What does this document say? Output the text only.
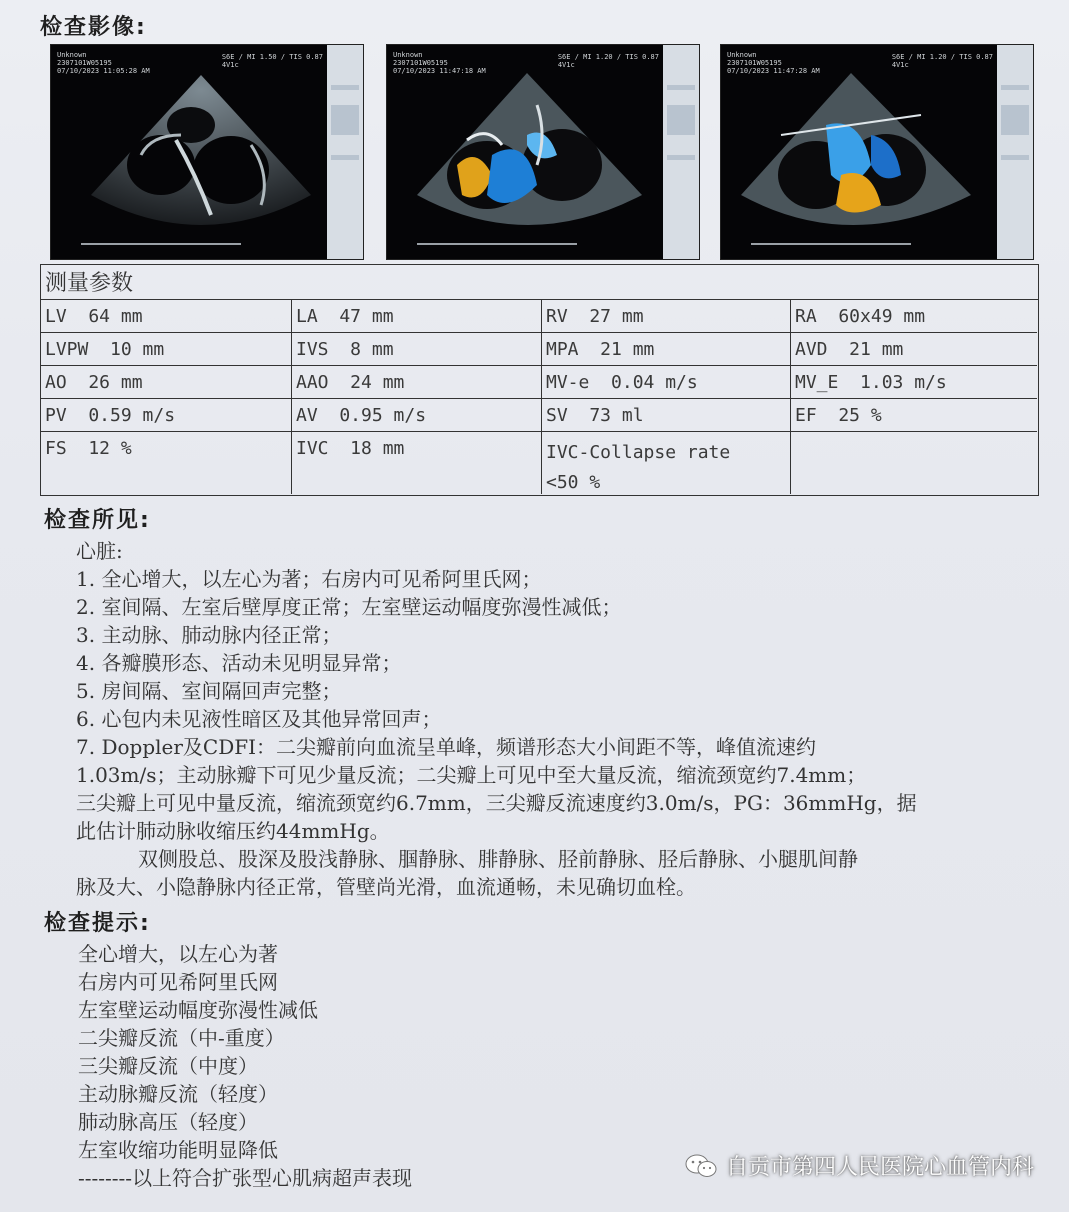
检查影像:
Unknown
2307101W05195
07/10/2023 11:05:28 AM
S6E / MI 1.50 / TIS 0.87
4V1c
Unknown
2307101W05195
07/10/2023 11:47:18 AM
S6E / MI 1.20 / TIS 0.87
4V1c
Unknown
2307101W05195
07/10/2023 11:47:28 AM
S6E / MI 1.20 / TIS 0.87
4V1c
测量参数
LV  64 mm	LA  47 mm	RV  27 mm	RA  60x49 mm
LVPW  10 mm	IVS  8 mm	MPA  21 mm	AVD  21 mm
AO  26 mm	AAO  24 mm	MV-e  0.04 m/s	MV_E  1.03 m/s
PV  0.59 m/s	AV  0.95 m/s	SV  73 ml	EF  25 %
FS  12 %	IVC  18 mm	IVC-Collapse rate
<50 %
检查所见:
心脏:
1. 全心增大，以左心为著；右房内可见希阿里氏网；
2. 室间隔、左室后壁厚度正常；左室壁运动幅度弥漫性减低；
3. 主动脉、肺动脉内径正常；
4. 各瓣膜形态、活动未见明显异常；
5. 房间隔、室间隔回声完整；
6. 心包内未见液性暗区及其他异常回声；
7. Doppler及CDFI：二尖瓣前向血流呈单峰，频谱形态大小间距不等，峰值流速约
1.03m/s；主动脉瓣下可见少量反流；二尖瓣上可见中至大量反流，缩流颈宽约7.4mm；
三尖瓣上可见中量反流，缩流颈宽约6.7mm，三尖瓣反流速度约3.0m/s，PG：36mmHg，据
此估计肺动脉收缩压约44mmHg。
双侧股总、股深及股浅静脉、腘静脉、腓静脉、胫前静脉、胫后静脉、小腿肌间静
脉及大、小隐静脉内径正常，管壁尚光滑，血流通畅，未见确切血栓。
检查提示:
全心增大，以左心为著
右房内可见希阿里氏网
左室壁运动幅度弥漫性减低
二尖瓣反流（中-重度）
三尖瓣反流（中度）
主动脉瓣反流（轻度）
肺动脉高压（轻度）
左室收缩功能明显降低
--------以上符合扩张型心肌病超声表现	自贡市第四人民医院心血管内科
